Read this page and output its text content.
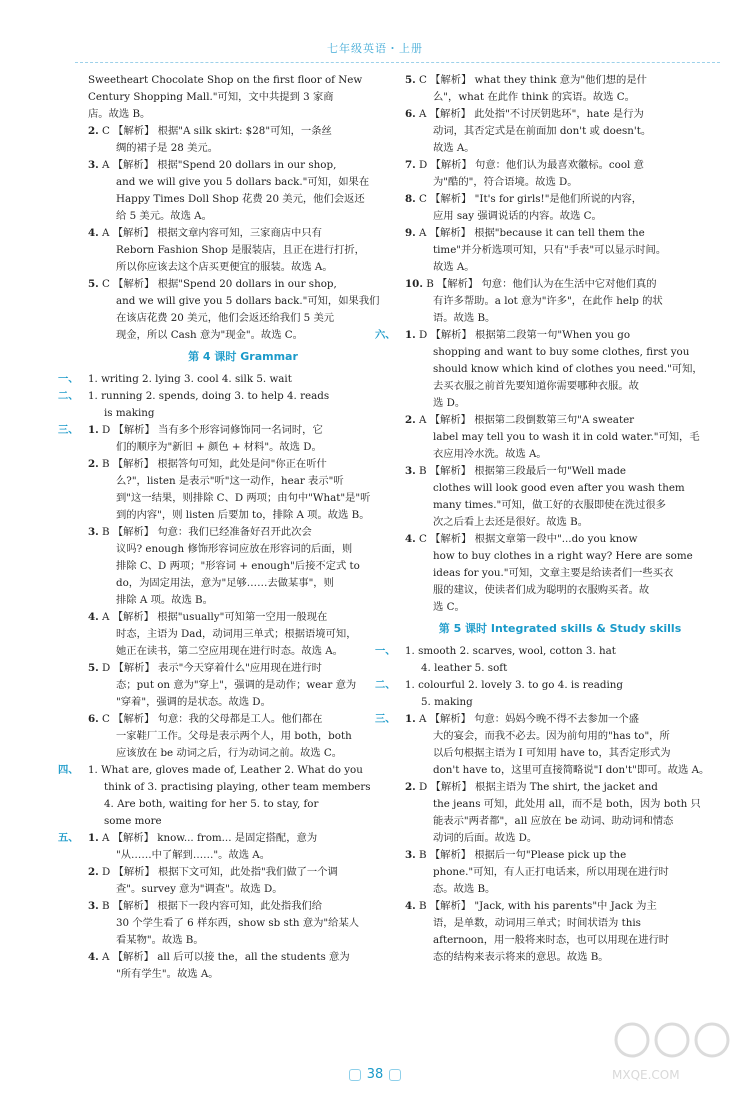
七年级英语・上册
Sweetheart Chocolate Shop on the first floor of New
Century Shopping Mall."可知，文中共提到 3 家商
店。故选 B。
2. C 【解析】 根据"A silk skirt: $28"可知，一条丝
绸的裙子是 28 美元。
3. A 【解析】 根据"Spend 20 dollars in our shop,
and we will give you 5 dollars back."可知，如果在
Happy Times Doll Shop 花费 20 美元，他们会返还
给 5 美元。故选 A。
4. A 【解析】 根据文章内容可知，三家商店中只有
Reborn Fashion Shop 是服装店，且正在进行打折，
所以你应该去这个店买更便宜的服装。故选 A。
5. C 【解析】 根据"Spend 20 dollars in our shop,
and we will give you 5 dollars back."可知，如果我们
在该店花费 20 美元，他们会返还给我们 5 美元
现金，所以 Cash 意为"现金"。故选 C。
第 4 课时 Grammar
一、 1. writing 2. lying 3. cool 4. silk 5. wait
二、 1. running 2. spends, doing 3. to help 4. reads
is making
三、 1. D 【解析】 当有多个形容词修饰同一名词时，它
们的顺序为"新旧 + 颜色 + 材料"。故选 D。
2. B 【解析】 根据答句可知，此处是问"你正在听什
么?"，listen 是表示"听"这一动作，hear 表示"听
到"这一结果，则排除 C、D 两项；由句中"What"是"听
到的内容"，则 listen 后要加 to，排除 A 项。故选 B。
3. B 【解析】 句意：我们已经准备好召开此次会
议吗? enough 修饰形容词应放在形容词的后面，则
排除 C、D 两项；"形容词 + enough"后接不定式 to
do，为固定用法，意为"足够……去做某事"，则
排除 A 项。故选 B。
4. A 【解析】 根据"usually"可知第一空用一般现在
时态，主语为 Dad，动词用三单式；根据语境可知，
她正在读书，第二空应用现在进行时态。故选 A。
5. D 【解析】 表示"今天穿着什么"应用现在进行时
态；put on 意为"穿上"，强调的是动作；wear 意为
"穿着"，强调的是状态。故选 D。
6. C 【解析】 句意：我的父母都是工人。他们都在
一家鞋厂工作。父母是表示两个人，用 both，both
应该放在 be 动词之后，行为动词之前。故选 C。
四、 1. What are, gloves made of, Leather 2. What do you
think of 3. practising playing, other team members
4. Are both, waiting for her 5. to stay, for
some more
五、 1. A 【解析】 know... from... 是固定搭配，意为
"从……中了解到……"。故选 A。
2. D 【解析】 根据下文可知，此处指"我们做了一个调
查"。survey 意为"调查"。故选 D。
3. B 【解析】 根据下一段内容可知，此处指我们给
30 个学生看了 6 样东西，show sb sth 意为"给某人
看某物"。故选 B。
4. A 【解析】 all 后可以接 the，all the students 意为
"所有学生"。故选 A。
5. C 【解析】 what they think 意为"他们想的是什
么"，what 在此作 think 的宾语。故选 C。
6. A 【解析】 此处指"不讨厌钥匙环"，hate 是行为
动词，其否定式是在前面加 don't 或 doesn't。
故选 A。
7. D 【解析】 句意：他们认为最喜欢徽标。cool 意
为"酷的"，符合语境。故选 D。
8. C 【解析】 "It's for girls!"是他们所说的内容，
应用 say 强调说话的内容。故选 C。
9. A 【解析】 根据"because it can tell them the
time"并分析选项可知，只有"手表"可以显示时间。
故选 A。
10. B 【解析】 句意：他们认为在生活中它对他们真的
有许多帮助。a lot 意为"许多"，在此作 help 的状
语。故选 B。
六、 1. D 【解析】 根据第二段第一句"When you go
shopping and want to buy some clothes, first you
should know which kind of clothes you need."可知，
去买衣服之前首先要知道你需要哪种衣服。故
选 D。
2. A 【解析】 根据第二段倒数第三句"A sweater
label may tell you to wash it in cold water."可知，毛
衣应用冷水洗。故选 A。
3. B 【解析】 根据第三段最后一句"Well made
clothes will look good even after you wash them
many times."可知，做工好的衣服即使在洗过很多
次之后看上去还是很好。故选 B。
4. C 【解析】 根据文章第一段中"...do you know
how to buy clothes in a right way? Here are some
ideas for you."可知，文章主要是给读者们一些买衣
服的建议，使读者们成为聪明的衣服购买者。故
选 C。
第 5 课时 Integrated skills & Study skills
一、 1. smooth 2. scarves, wool, cotton 3. hat
4. leather 5. soft
二、 1. colourful 2. lovely 3. to go 4. is reading
5. making
三、 1. A 【解析】 句意：妈妈今晚不得不去参加一个盛
大的宴会，而我不必去。因为前句用的"has to"，所
以后句根据主语为 I 可知用 have to，其否定形式为
don't have to，这里可直接简略说"I don't"即可。故选 A。
2. D 【解析】 根据主语为 The shirt, the jacket and
the jeans 可知，此处用 all，而不是 both，因为 both 只
能表示"两者都"，all 应放在 be 动词、助动词和情态
动词的后面。故选 D。
3. B 【解析】 根据后一句"Please pick up the
phone."可知，有人正打电话来，所以用现在进行时
态。故选 B。
4. B 【解析】 "Jack, with his parents"中 Jack 为主
语，是单数，动词用三单式；时间状语为 this
afternoon，用一般将来时态，也可以用现在进行时
态的结构来表示将来的意思。故选 B。
38	MXQE.COM
